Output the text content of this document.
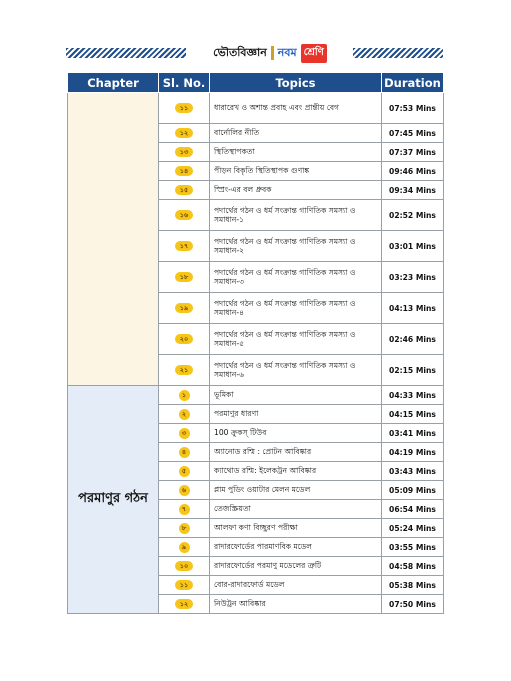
ভৌতবিজ্ঞান নবম শ্রেণি
Chapter	Sl. No.	Topics	Duration
	১১	ধারারেখ ও অশান্ত প্রবাহ এবং প্রান্তীয় বেগ	07:53 Mins
	১২	বার্নোলির নীতি	07:45 Mins
	১৩	স্থিতিস্থাপকতা	07:37 Mins
	১৪	পীড়ন বিকৃতি স্থিতিস্থাপক গুণাঙ্ক	09:46 Mins
	১৫	স্প্রিং-এর বল ধ্রুবক	09:34 Mins
	১৬	পদার্থের গঠন ও ধর্ম সংক্রান্ত গাণিতিক সমস্যা ও সমাধান-১	02:52 Mins
	১৭	পদার্থের গঠন ও ধর্ম সংক্রান্ত গাণিতিক সমস্যা ও সমাধান-২	03:01 Mins
	১৮	পদার্থের গঠন ও ধর্ম সংক্রান্ত গাণিতিক সমস্যা ও সমাধান-৩	03:23 Mins
	১৯	পদার্থের গঠন ও ধর্ম সংক্রান্ত গাণিতিক সমস্যা ও সমাধান-৪	04:13 Mins
	২০	পদার্থের গঠন ও ধর্ম সংক্রান্ত গাণিতিক সমস্যা ও সমাধান-৫	02:46 Mins
	২১	পদার্থের গঠন ও ধর্ম সংক্রান্ত গাণিতিক সমস্যা ও সমাধান-৬	02:15 Mins
পরমাণুর গঠন	১	ভূমিকা	04:33 Mins
	২	পরমাণুর ধারণা	04:15 Mins
	৩	100 ক্রুকস্ টিউব	03:41 Mins
	৪	অ্যানোড রশ্মি : প্রোটন আবিষ্কার	04:19 Mins
	৫	ক্যাথোড রশ্মি: ইলেকট্রন আবিষ্কার	03:43 Mins
	৬	প্লাম পুডিং ওয়াটার মেলন মডেল	05:09 Mins
	৭	তেজস্ক্রিয়তা	06:54 Mins
	৮	আলফা কণা বিচ্ছুরণ পরীক্ষা	05:24 Mins
	৯	রাদারফোর্ডের পারমাণবিক মডেল	03:55 Mins
	১০	রাদারফোর্ডের পরমাণু মডেলের ত্রুটি	04:58 Mins
	১১	বোর-রাদারফোর্ড মডেল	05:38 Mins
	১২	নিউট্রন আবিষ্কার	07:50 Mins
